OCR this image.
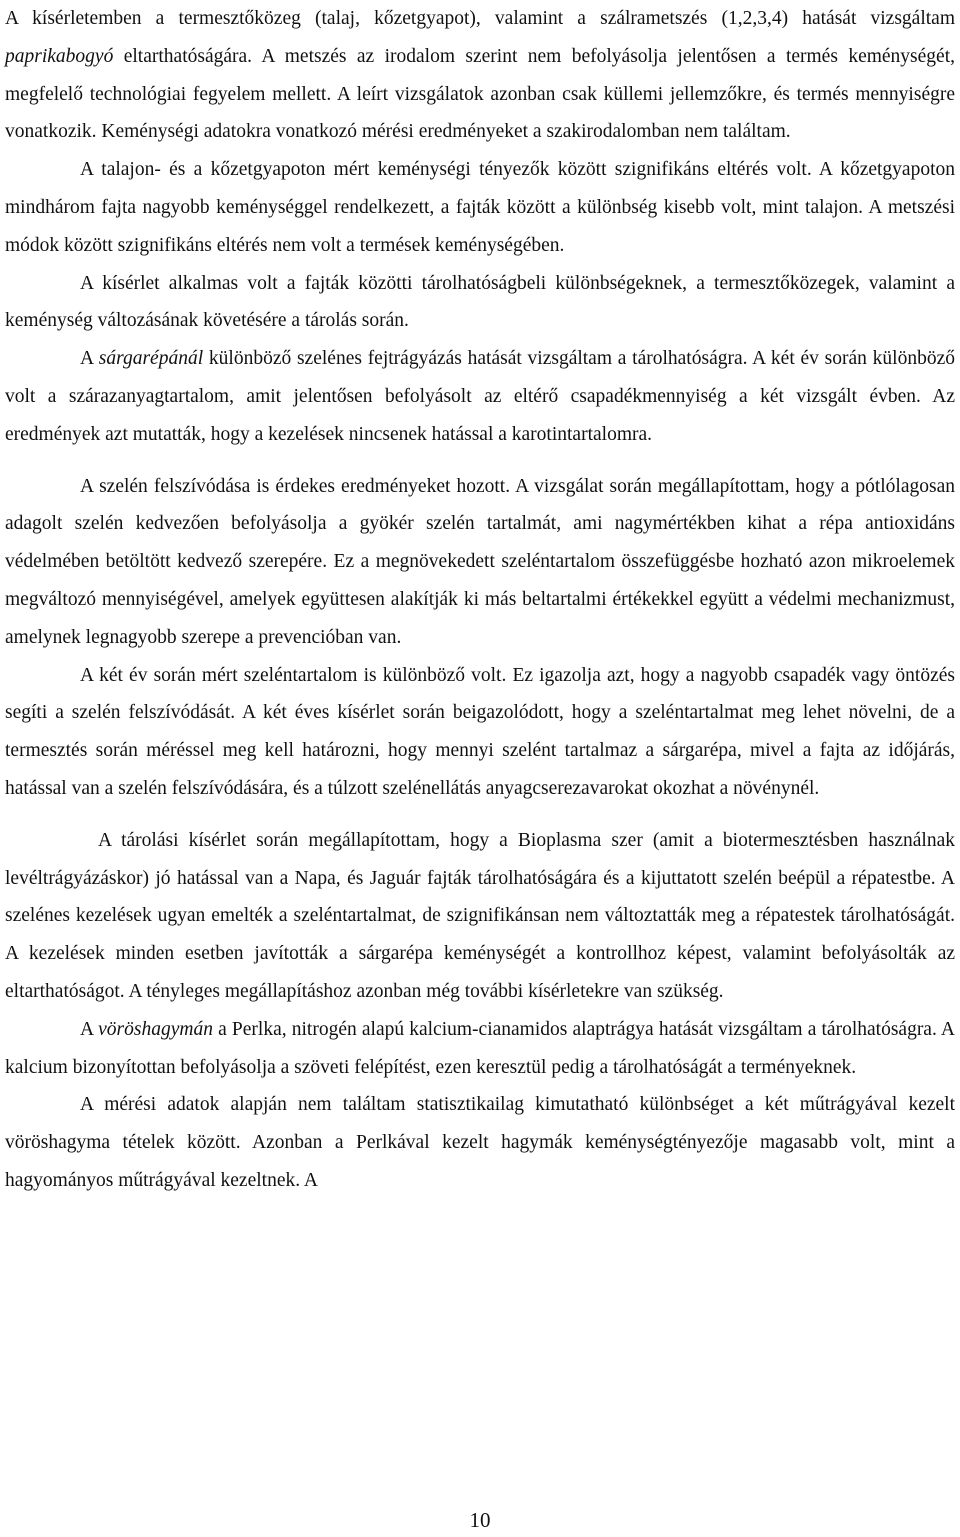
A kísérletemben a termesztőközeg (talaj, kőzetgyapot), valamint a szálrametszés (1,2,3,4) hatását vizsgáltam paprikabogyó eltarthatóságára. A metszés az irodalom szerint nem befolyásolja jelentősen a termés keménységét, megfelelő technológiai fegyelem mellett. A leírt vizsgálatok azonban csak küllemi jellemzőkre, és termés mennyiségre vonatkozik. Keménységi adatokra vonatkozó mérési eredményeket a szakirodalomban nem találtam.

A talajon- és a kőzetgyapoton mért keménységi tényezők között szignifikáns eltérés volt. A kőzetgyapoton mindhárom fajta nagyobb keménységgel rendelkezett, a fajták között a különbség kisebb volt, mint talajon. A metszési módok között szignifikáns eltérés nem volt a termések keménységében.

A kísérlet alkalmas volt a fajták közötti tárolhatóságbeli különbségeknek, a termesztőközegek, valamint a keménység változásának követésére a tárolás során.

A sárgarépánál különböző szelénes fejtrágyázás hatását vizsgáltam a tárolhatóságra. A két év során különböző volt a szárazanyagtartalom, amit jelentősen befolyásolt az eltérő csapadékmennyiség a két vizsgált évben. Az eredmények azt mutatták, hogy a kezelések nincsenek hatással a karotintartalomra.

A szelén felszívódása is érdekes eredményeket hozott. A vizsgálat során megállapítottam, hogy a pótlólagosan adagolt szelén kedvezően befolyásolja a gyökér szelén tartalmát, ami nagymértékben kihat a répa antioxidáns védelmében betöltött kedvező szerepére. Ez a megnövekedett szeléntartalom összefüggésbe hozható azon mikroelemek megváltozó mennyiségével, amelyek együttesen alakítják ki más beltartalmi értékekkel együtt a védelmi mechanizmust, amelynek legnagyobb szerepe a prevencióban van.

A két év során mért szeléntartalom is különböző volt. Ez igazolja azt, hogy a nagyobb csapadék vagy öntözés segíti a szelén felszívódását. A két éves kísérlet során beigazolódott, hogy a szeléntartalmat meg lehet növelni, de a termesztés során méréssel meg kell határozni, hogy mennyi szelént tartalmaz a sárgarépa, mivel a fajta az időjárás, hatással van a szelén felszívódására, és a túlzott szelénellátás anyagcserezavarokat okozhat a növénynél.

A tárolási kísérlet során megállapítottam, hogy a Bioplasma szer (amit a biotermesztésben használnak levéltrágyázáskor) jó hatással van a Napa, és Jaguár fajták tárolhatóságára és a kijuttatott szelén beépül a répatestbe. A szelénes kezelések ugyan emelték a szeléntartalmat, de szignifikánsan nem változtatták meg a répatestek tárolhatóságát. A kezelések minden esetben javították a sárgarépa keménységét a kontrollhoz képest, valamint befolyásolták az eltarthatóságot. A tényleges megállapításhoz azonban még további kísérletekre van szükség.

A vöröshagymán a Perlka, nitrogén alapú kalcium-cianamidos alaptrágya hatását vizsgáltam a tárolhatóságra. A kalcium bizonyítottan befolyásolja a szöveti felépítést, ezen keresztül pedig a tárolhatóságát a terményeknek.

A mérési adatok alapján nem találtam statisztikailag kimutatható különbséget a két műtrágyával kezelt vöröshagyma tételek között. Azonban a Perlkával kezelt hagymák keménységtényezője magasabb volt, mint a hagyományos műtrágyával kezeltnek. A

10
